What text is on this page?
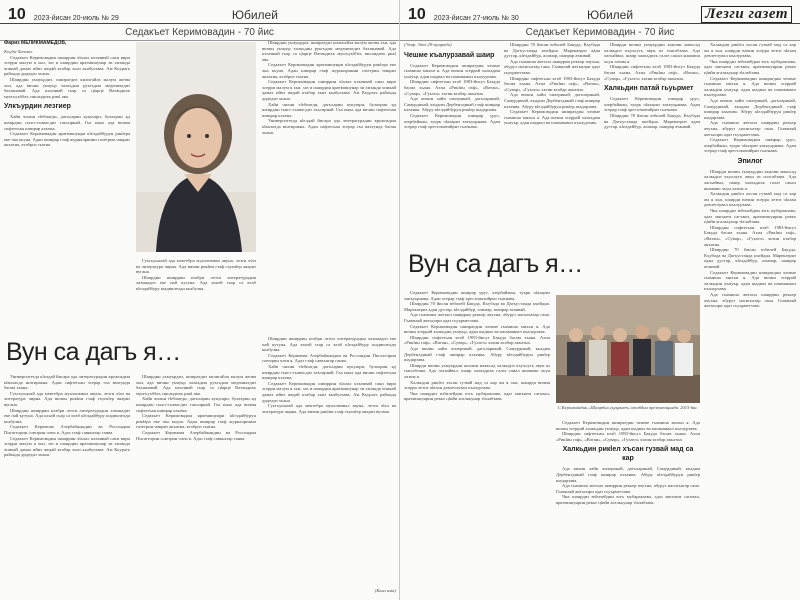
10 2023-йисан 20-июль № 29	Юбилей
Седакъет Керимовадин - 70 йис

Фариз МЕЛИКМАМЕДОВ,

Къуба-Хачмаз.

Седакъет Керимовадин шииррин чlалал кхьенвай саки вири эсерри малум я хьи, заз и шаирдин яратмишунар зи хизанда чпикай дамах ийиз жедай ктабар хьиз кьабулзава. Ам Кьурагь районда дидедиз хьана.

Шаирдин уьмуьрдиз, шииратдиз килигайла малум жезва хьи, ада вичин уьмуьр халкьдин руьгьдин медениятдиз бахшнавай. Ада кхьенвай гьар са цlарце Ватандихъ муьгьуьббат, инсандихъ рикl ава.

Улкъурдин лезгиер

Хайи чилин тlебиатди, дагъларин кукушри, булахрин яд шаирдин гьисс-гьавасдиз таъсирнай. Гьа инал ада вичин сифтегьан шиирар кхьена.

Седакъет Керимовадин яратмишунри кlелдайбурун рикlера еке чка кьуна. Адан шиирар гзаф журналринни газетрин чинриз акъатна, ктабриз гьатна.

Шаирдин уьмуьрдиз, шииратдиз килигайла малум жезва хьи, ада вичин уьмуьр халкьдин руьгьдин медениятдиз бахшнавай. Ада кхьенвай гьар са цlарце Ватандихъ муьгьуьббат, инсандихъ рикl ава.

Седакъет Керимовадин яратмишунри кlелдайбурун рикlера еке чка кьуна. Адан шиирар гзаф журналринни газетрин чинриз акъатна, ктабриз гьатна.

Седакъет Керимовадин шииррин чlалал кхьенвай саки вири эсерри малум я хьи, заз и шаирдин яратмишунар зи хизанда чпикай дамах ийиз жедай ктабар хьиз кьабулзава. Ам Кьурагь районда дидедиз хьана.

Хайи чилин тlебиатди, дагъларин кукушри, булахрин яд шаирдин гьисс-гьавасдиз таъсирнай. Гьа инал ада вичин сифтегьан шиирар кхьена.

Университетда кlелдай йисара ада литературадин кружокдин кlвалахда иштиракна. Адан сифтегьан эсерар гьа вахтунда басма хьана.

Гуьгъуьнлай ада мектебра муаллимвал авуна, лезги чlал ва литература чирна. Ада вичин рикlин гзаф гъуьчlер аялриз вугана.

Шаирдин шииррин ктабри лезги литературадин хазинадиз еке пай кутуна. Ада кхьей гьар са ктаб кlелдайбуру шадвилелди кьабулна.

Вун са дагъ я…

Университетда кlелдай йисара ада литературадин кружокдин кlвалахда иштиракна. Адан сифтегьан эсерар гьа вахтунда басма хьана.

Гуьгъуьнлай ада мектебра муаллимвал авуна, лезги чlал ва литература чирна. Ада вичин рикlин гзаф гъуьчlер аялриз вугана.

Шаирдин шииррин ктабри лезги литературадин хазинадиз еке пай кутуна. Ада кхьей гьар са ктаб кlелдайбуру шадвилелди кьабулна.

Седакъет Керимова Азербайжандин ва Россиядин Писателрин союзрин член я. Адаз гзаф савкьатар ганва.

Седакъет Керимовадин шииррин чlалал кхьенвай саки вири эсерри малум я хьи, заз и шаирдин яратмишунар зи хизанда чпикай дамах ийиз жедай ктабар хьиз кьабулзава. Ам Кьурагь районда дидедиз хьана.

Шаирдин уьмуьрдиз, шииратдиз килигайла малум жезва хьи, ада вичин уьмуьр халкьдин руьгьдин медениятдиз бахшнавай. Ада кхьенвай гьар са цlарце Ватандихъ муьгьуьббат, инсандихъ рикl ава.

Хайи чилин тlебиатди, дагъларин кукушри, булахрин яд шаирдин гьисс-гьавасдиз таъсирнай. Гьа инал ада вичин сифтегьан шиирар кхьена.

Седакъет Керимовадин яратмишунри кlелдайбурун рикlера еке чка кьуна. Адан шиирар гзаф журналринни газетрин чинриз акъатна, ктабриз гьатна.

Седакъет Керимова Азербайжандин ва Россиядин Писателрин союзрин член я. Адаз гзаф савкьатар ганва.

Шаирдин шииррин ктабри лезги литературадин хазинадиз еке пай кутуна. Ада кхьей гьар са ктаб кlелдайбуру шадвилелди кьабулна.

Седакъет Керимова Азербайжандин ва Россиядин Писателрин союзрин член я. Адаз гзаф савкьатар ганва.

Хайи чилин тlебиатди, дагъларин кукушри, булахрин яд шаирдин гьисс-гьавасдиз таъсирнай. Гьа инал ада вичин сифтегьан шиирар кхьена.

Седакъет Керимовадин шииррин чlалал кхьенвай саки вири эсерри малум я хьи, заз и шаирдин яратмишунар зи хизанда чпикай дамах ийиз жедай ктабар хьиз кьабулзава. Ам Кьурагь районда дидедиз хьана.

Гуьгъуьнлай ада мектебра муаллимвал авуна, лезги чlал ва литература чирна. Ада вичин рикlин гзаф гъуьчlер аялриз вугана.

(Кьил ама)
10 2023-йисан 27-июль № 30	Юбилей	Лезги газет
Седакъет Керимовадин - 70 йис

(Эхир. Эвел 29-нумрада)

Чешме къалурзавай шаир

Седакъет Керимовадин шииратдин чешме гьамиша михьи я. Ада вичин эсеррай халкьдин уьмуьр, адан шадвал ва пашманвал къалурзава.

Шаирдин сифтегьан ктаб 1983-йисуз Бакуда басма хьана. Ахпа «Рикlин гаф», «Ватан», «Сувар», «Гуьзел» хьтин ктабар акъатна.

Ада вичин хайи чилерикай, дагъларикай, Самурдикай, къадим Дербентдикай гзаф шиирар кхьенва. Абуру кlелдайбурун рикlер шадарзава.

Седакъет Керимовадин шиирар урус, азербайжан, туьрк чlалариз элкъуьрнава. Адан эсерар гзаф хрестоматийриз гьатнава.

Шаирдин 70 йисан юбилей Бакуда, Къубада ва Дагъустанда къейдна. Мярекатриз адан дустар, кlелдайбур, алимар, шаирар атанвай.

Ада гьамиша жегьил шаиррин рекьер ачухна, абуруз насигьатар гана. Гьавиляй жегьилри адаз гьуьрметзава.

Шаирдин сифтегьан ктаб 1983-йисуз Бакуда басма хьана. Ахпа «Рикlин гаф», «Ватан», «Сувар», «Гуьзел» хьтин ктабар акъатна.

Ада вичин хайи чилерикай, дагъларикай, Самурдикай, къадим Дербентдикай гзаф шиирар кхьенва. Абуру кlелдайбурун рикlер шадарзава.

Седакъет Керимовадин шииратдин чешме гьамиша михьи я. Ада вичин эсеррай халкьдин уьмуьр, адан шадвал ва пашманвал къалурзава.

Шаирди вичин уьмуьрдин кьилин макьсад халкьдиз къуллугъ авун яз гьисабзава. Ада лагьайвал, шаир халкьдихъ галаз санал яшамиш хьун лазим я.

Шаирдин сифтегьан ктаб 1983-йисуз Бакуда басма хьана. Ахпа «Рикlин гаф», «Ватан», «Сувар», «Гуьзел» хьтин ктабар акъатна.

Халкьдин патай гьуьрмет

Седакъет Керимовадин шиирар урус, азербайжан, туьрк чlалариз элкъуьрнава. Адан эсерар гзаф хрестоматийриз гьатнава.

Шаирдин 70 йисан юбилей Бакуда, Къубада ва Дагъустанда къейдна. Мярекатриз адан дустар, кlелдайбур, алимар, шаирар атанвай.

Халкьдин рикlел хъсан гузвай мад са кар ам я хьи, шаирди вичин эсерра лезги чlалан девлетлувал къалурзава.

Чна шаирдиз юбилейдин югъ мубаракзава, адаз мягькем сагъвал, яратмишунрин рекье цlийи агалкьунар тlалабзава.

Седакъет Керимовадин шииратдин чешме гьамиша михьи я. Ада вичин эсеррай халкьдин уьмуьр, адан шадвал ва пашманвал къалурзава.

Ада вичин хайи чилерикай, дагъларикай, Самурдикай, къадим Дербентдикай гзаф шиирар кхьенва. Абуру кlелдайбурун рикlер шадарзава.

Ада гьамиша жегьил шаиррин рекьер ачухна, абуруз насигьатар гана. Гьавиляй жегьилри адаз гьуьрметзава.

Седакъет Керимовадин шиирар урус, азербайжан, туьрк чlалариз элкъуьрнава. Адан эсерар гзаф хрестоматийриз гьатнава.

Эпилог

Шаирди вичин уьмуьрдин кьилин макьсад халкьдиз къуллугъ авун яз гьисабзава. Ада лагьайвал, шаир халкьдихъ галаз санал яшамиш хьун лазим я.

Халкьдин рикlел хъсан гузвай мад са кар ам я хьи, шаирди вичин эсерра лезги чlалан девлетлувал къалурзава.

Чна шаирдиз юбилейдин югъ мубаракзава, адаз мягькем сагъвал, яратмишунрин рекье цlийи агалкьунар тlалабзава.

Шаирдин сифтегьан ктаб 1983-йисуз Бакуда басма хьана. Ахпа «Рикlин гаф», «Ватан», «Сувар», «Гуьзел» хьтин ктабар акъатна.

Шаирдин 70 йисан юбилей Бакуда, Къубада ва Дагъустанда къейдна. Мярекатриз адан дустар, кlелдайбур, алимар, шаирар атанвай.

Седакъет Керимовадин шииратдин чешме гьамиша михьи я. Ада вичин эсеррай халкьдин уьмуьр, адан шадвал ва пашманвал къалурзава.

Ада гьамиша жегьил шаиррин рекьер ачухна, абуруз насигьатар гана. Гьавиляй жегьилри адаз гьуьрметзава.

Вун са дагъ я…

Седакъет Керимовадин шиирар урус, азербайжан, туьрк чlалариз элкъуьрнава. Адан эсерар гзаф хрестоматийриз гьатнава.

Шаирдин 70 йисан юбилей Бакуда, Къубада ва Дагъустанда къейдна. Мярекатриз адан дустар, кlелдайбур, алимар, шаирар атанвай.

Ада гьамиша жегьил шаиррин рекьер ачухна, абуруз насигьатар гана. Гьавиляй жегьилри адаз гьуьрметзава.

Седакъет Керимовадин шииратдин чешме гьамиша михьи я. Ада вичин эсеррай халкьдин уьмуьр, адан шадвал ва пашманвал къалурзава.

Шаирдин сифтегьан ктаб 1983-йисуз Бакуда басма хьана. Ахпа «Рикlин гаф», «Ватан», «Сувар», «Гуьзел» хьтин ктабар акъатна.

Ада вичин хайи чилерикай, дагъларикай, Самурдикай, къадим Дербентдикай гзаф шиирар кхьенва. Абуру кlелдайбурун рикlер шадарзава.

Шаирди вичин уьмуьрдин кьилин макьсад халкьдиз къуллугъ авун яз гьисабзава. Ада лагьайвал, шаир халкьдихъ галаз санал яшамиш хьун лазим я.

Халкьдин рикlел хъсан гузвай мад са кар ам я хьи, шаирди вичин эсерра лезги чlалан девлетлувал къалурзава.

Чна шаирдиз юбилейдин югъ мубаракзава, адаз мягькем сагъвал, яратмишунрин рекье цlийи агалкьунар тlалабзава.

С.Керимовадин «Шаирдин гьуьрмет» ктабдин презентацияда. 2015-йис.

Седакъет Керимовадин шииратдин чешме гьамиша михьи я. Ада вичин эсеррай халкьдин уьмуьр, адан шадвал ва пашманвал къалурзава.

Шаирдин сифтегьан ктаб 1983-йисуз Бакуда басма хьана. Ахпа «Рикlин гаф», «Ватан», «Сувар», «Гуьзел» хьтин ктабар акъатна.

Халкьдин рикlел хъсан гузвай мад са кар

Ада вичин хайи чилерикай, дагъларикай, Самурдикай, къадим Дербентдикай гзаф шиирар кхьенва. Абуру кlелдайбурун рикlер шадарзава.

Ада гьамиша жегьил шаиррин рекьер ачухна, абуруз насигьатар гана. Гьавиляй жегьилри адаз гьуьрметзава.

Чна шаирдиз юбилейдин югъ мубаракзава, адаз мягькем сагъвал, яратмишунрин рекье цlийи агалкьунар тlалабзава.
